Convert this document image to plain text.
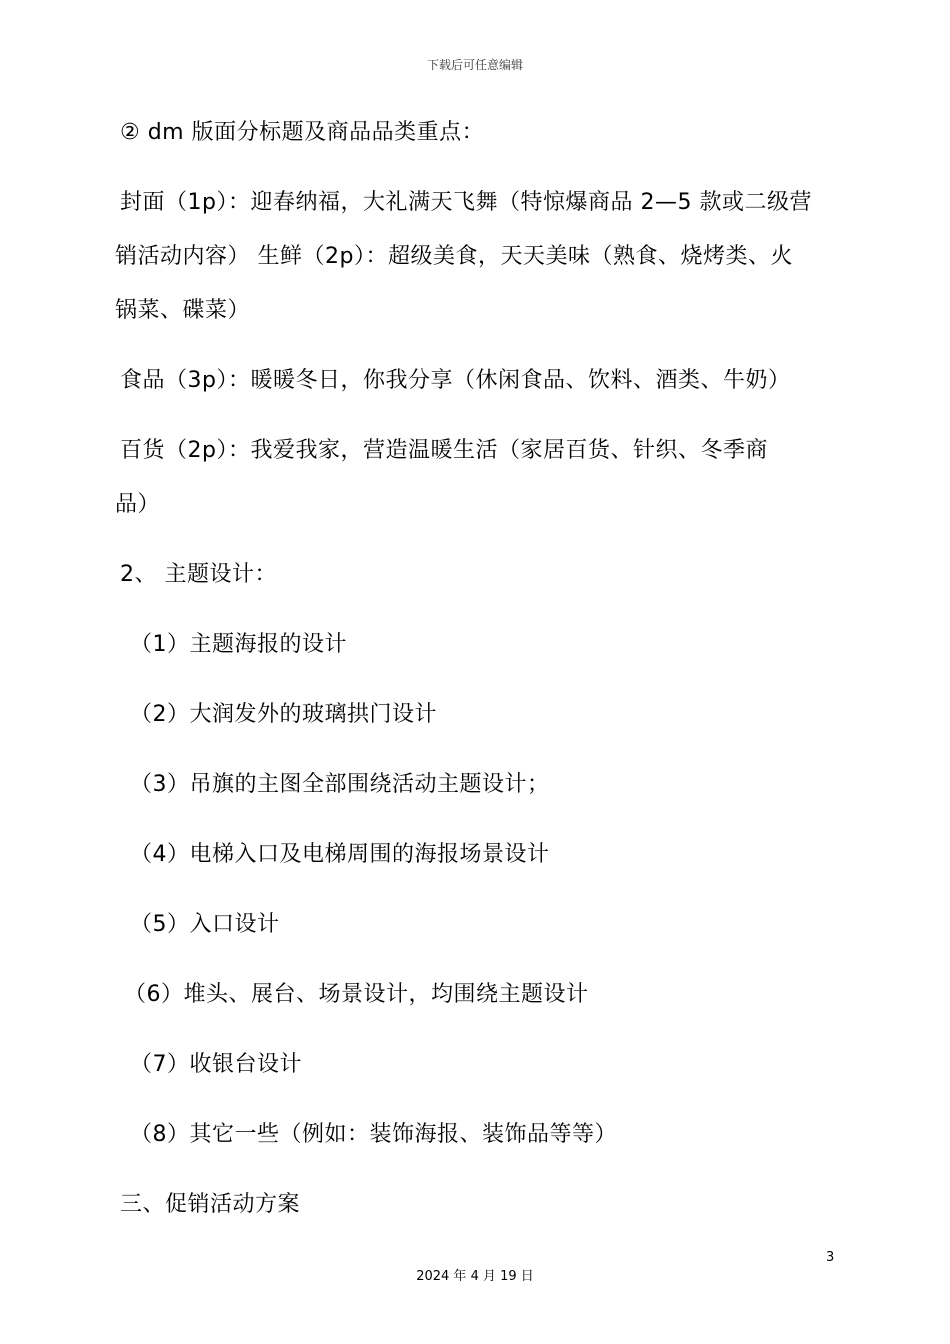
下载后可任意编辑
② dm 版面分标题及商品品类重点：
封面（1p）：迎春纳福，大礼满天飞舞（特惊爆商品 2—5 款或二级营
销活动内容） 生鲜（2p）：超级美食，天天美味（熟食、烧烤类、火
锅菜、碟菜）
食品（3p）：暖暖冬日，你我分享（休闲食品、饮料、酒类、牛奶）
百货（2p）：我爱我家，营造温暖生活（家居百货、针织、冬季商
品）
2、 主题设计：
（1）主题海报的设计
（2）大润发外的玻璃拱门设计
（3）吊旗的主图全部围绕活动主题设计；
（4）电梯入口及电梯周围的海报场景设计
（5）入口设计
（6）堆头、展台、场景设计，均围绕主题设计
（7）收银台设计
（8）其它一些（例如：装饰海报、装饰品等等）
三、促销活动方案
3
2024 年 4 月 19 日
